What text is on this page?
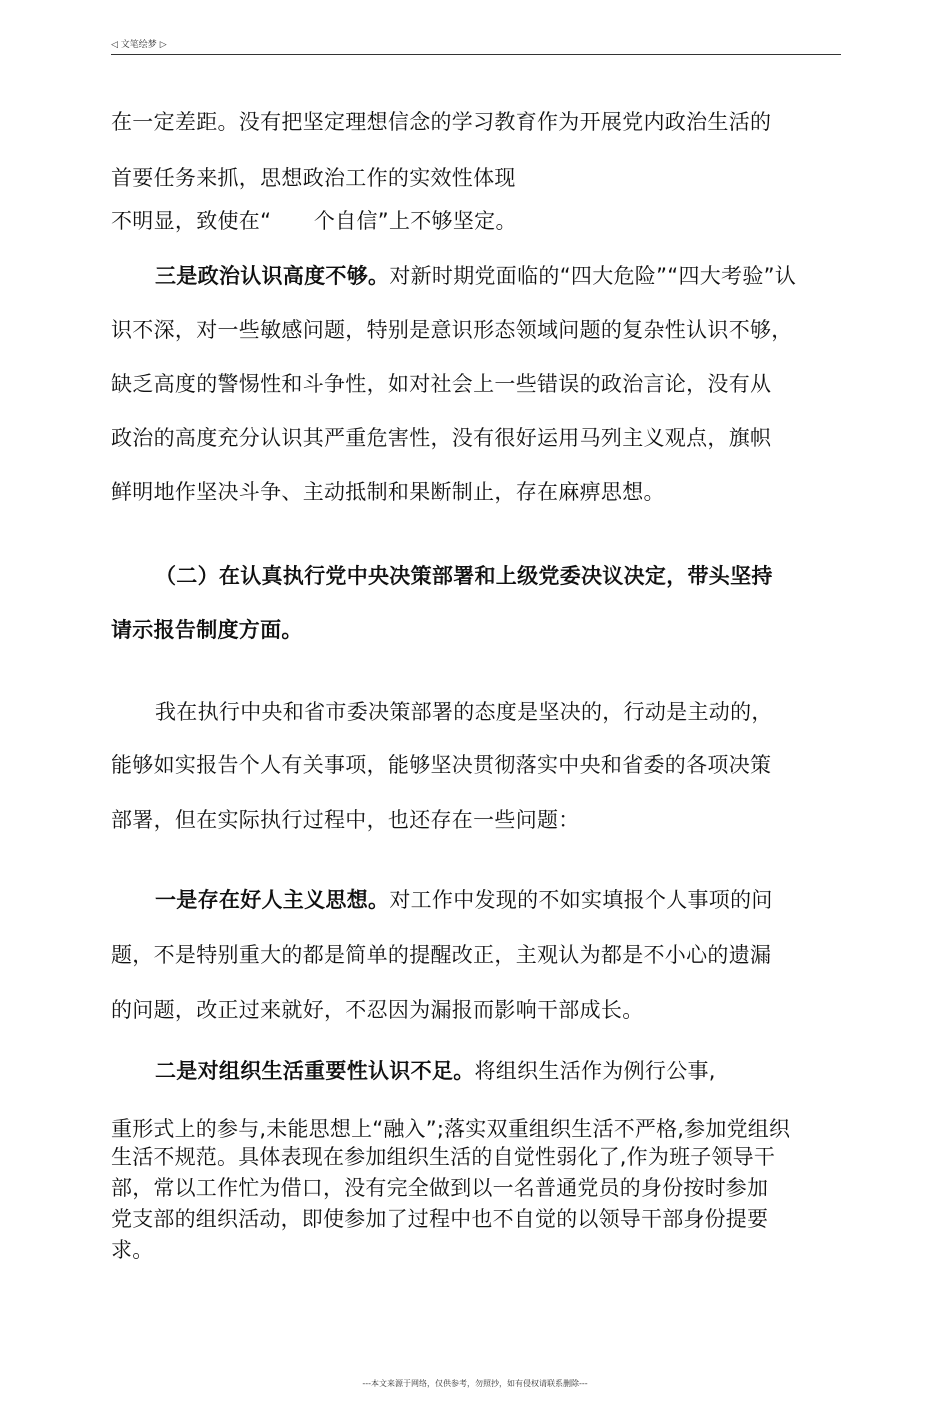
◁ 文笔绘梦 ▷
在一定差距。没有把坚定理想信念的学习教育作为开展党内政治生活的
首要任务来抓，思想政治工作的实效性体现
不明显，致使在“　　个自信”上不够坚定。
三是政治认识高度不够。对新时期党面临的“四大危险”“四大考验”认
识不深，对一些敏感问题，特别是意识形态领域问题的复杂性认识不够，
缺乏高度的警惕性和斗争性，如对社会上一些错误的政治言论，没有从
政治的高度充分认识其严重危害性，没有很好运用马列主义观点，旗帜
鲜明地作坚决斗争、主动抵制和果断制止，存在麻痹思想。
（二）在认真执行党中央决策部署和上级党委决议决定，带头坚持
请示报告制度方面。
我在执行中央和省市委决策部署的态度是坚决的，行动是主动的，
能够如实报告个人有关事项，能够坚决贯彻落实中央和省委的各项决策
部署，但在实际执行过程中，也还存在一些问题：
一是存在好人主义思想。对工作中发现的不如实填报个人事项的问
题，不是特别重大的都是简单的提醒改正，主观认为都是不小心的遗漏
的问题，改正过来就好，不忍因为漏报而影响干部成长。
二是对组织生活重要性认识不足。将组织生活作为例行公事,
重形式上的参与,未能思想上“融入”;落实双重组织生活不严格,参加党组织
生活不规范。具体表现在参加组织生活的自觉性弱化了,作为班子领导干
部，常以工作忙为借口，没有完全做到以一名普通党员的身份按时参加
党支部的组织活动，即使参加了过程中也不自觉的以领导干部身份提要
求。
---本文来源于网络，仅供参考，勿照抄，如有侵权请联系删除---
